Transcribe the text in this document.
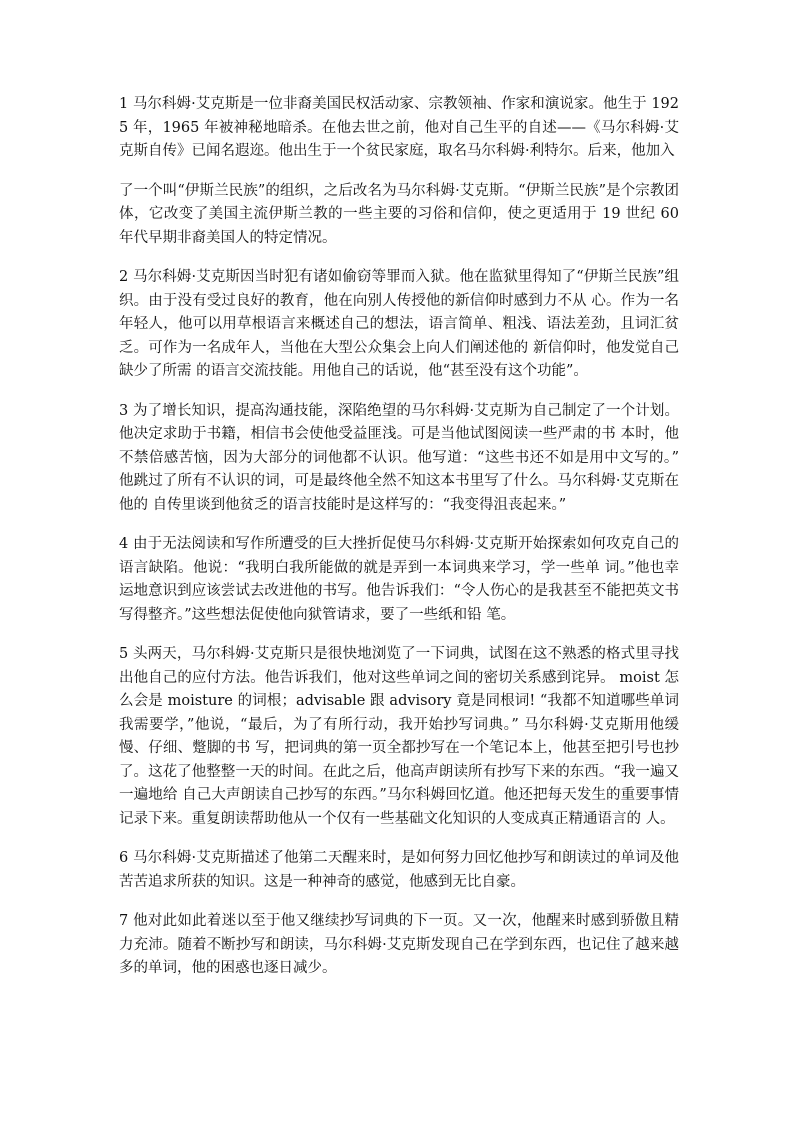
1 马尔科姆·艾克斯是一位非裔美国民权活动家、宗教领袖、作家和演说家。他生于 1925 年，1965 年被神秘地暗杀。在他去世之前，他对自己生平的自述——《马尔科姆·艾克斯自传》已闻名遐迩。他出生于一个贫民家庭，取名马尔科姆·利特尔。后来，他加入

了一个叫“伊斯兰民族”的组织，之后改名为马尔科姆·艾克斯。“伊斯兰民族”是个宗教团体，它改变了美国主流伊斯兰教的一些主要的习俗和信仰，使之更适用于 19 世纪 60 年代早期非裔美国人的特定情况。

2 马尔科姆·艾克斯因当时犯有诸如偷窃等罪而入狱。他在监狱里得知了“伊斯兰民族”组织。由于没有受过良好的教育，他在向别人传授他的新信仰时感到力不从 心。作为一名年轻人，他可以用草根语言来概述自己的想法，语言简单、粗浅、语法差劲，且词汇贫乏。可作为一名成年人，当他在大型公众集会上向人们阐述他的 新信仰时，他发觉自己缺少了所需 的语言交流技能。用他自己的话说，他“甚至没有这个功能”。

3 为了增长知识，提高沟通技能，深陷绝望的马尔科姆·艾克斯为自己制定了一个计划。他决定求助于书籍，相信书会使他受益匪浅。可是当他试图阅读一些严肃的书 本时，他不禁倍感苦恼，因为大部分的词他都不认识。他写道：“这些书还不如是用中文写的。” 他跳过了所有不认识的词，可是最终他全然不知这本书里写了什么。马尔科姆·艾克斯在他的 自传里谈到他贫乏的语言技能时是这样写的：“我变得沮丧起来。”

4 由于无法阅读和写作所遭受的巨大挫折促使马尔科姆·艾克斯开始探索如何攻克自己的语言缺陷。他说：“我明白我所能做的就是弄到一本词典来学习，学一些单 词。”他也幸运地意识到应该尝试去改进他的书写。他告诉我们：“令人伤心的是我甚至不能把英文书写得整齐。”这些想法促使他向狱管请求，要了一些纸和铅 笔。

5 头两天，马尔科姆·艾克斯只是很快地浏览了一下词典，试图在这不熟悉的格式里寻找出他自己的应付方法。他告诉我们，他对这些单词之间的密切关系感到诧异。 moist 怎么会是 moisture 的词根；advisable 跟 advisory 竟是同根词! “我都不知道哪些单词我需要学，”他说，“最后，为了有所行动，我开始抄写词典。” 马尔科姆·艾克斯用他缓慢、仔细、蹩脚的书 写，把词典的第一页全都抄写在一个笔记本上，他甚至把引号也抄了。这花了他整整一天的时间。在此之后，他高声朗读所有抄写下来的东西。“我一遍又一遍地给 自己大声朗读自己抄写的东西。”马尔科姆回忆道。他还把每天发生的重要事情记录下来。重复朗读帮助他从一个仅有一些基础文化知识的人变成真正精通语言的 人。

6 马尔科姆·艾克斯描述了他第二天醒来时，是如何努力回忆他抄写和朗读过的单词及他苦苦追求所获的知识。这是一种神奇的感觉，他感到无比自豪。

7 他对此如此着迷以至于他又继续抄写词典的下一页。又一次，他醒来时感到骄傲且精力充沛。随着不断抄写和朗读，马尔科姆·艾克斯发现自己在学到东西，也记住了越来越多的单词，他的困惑也逐日减少。
